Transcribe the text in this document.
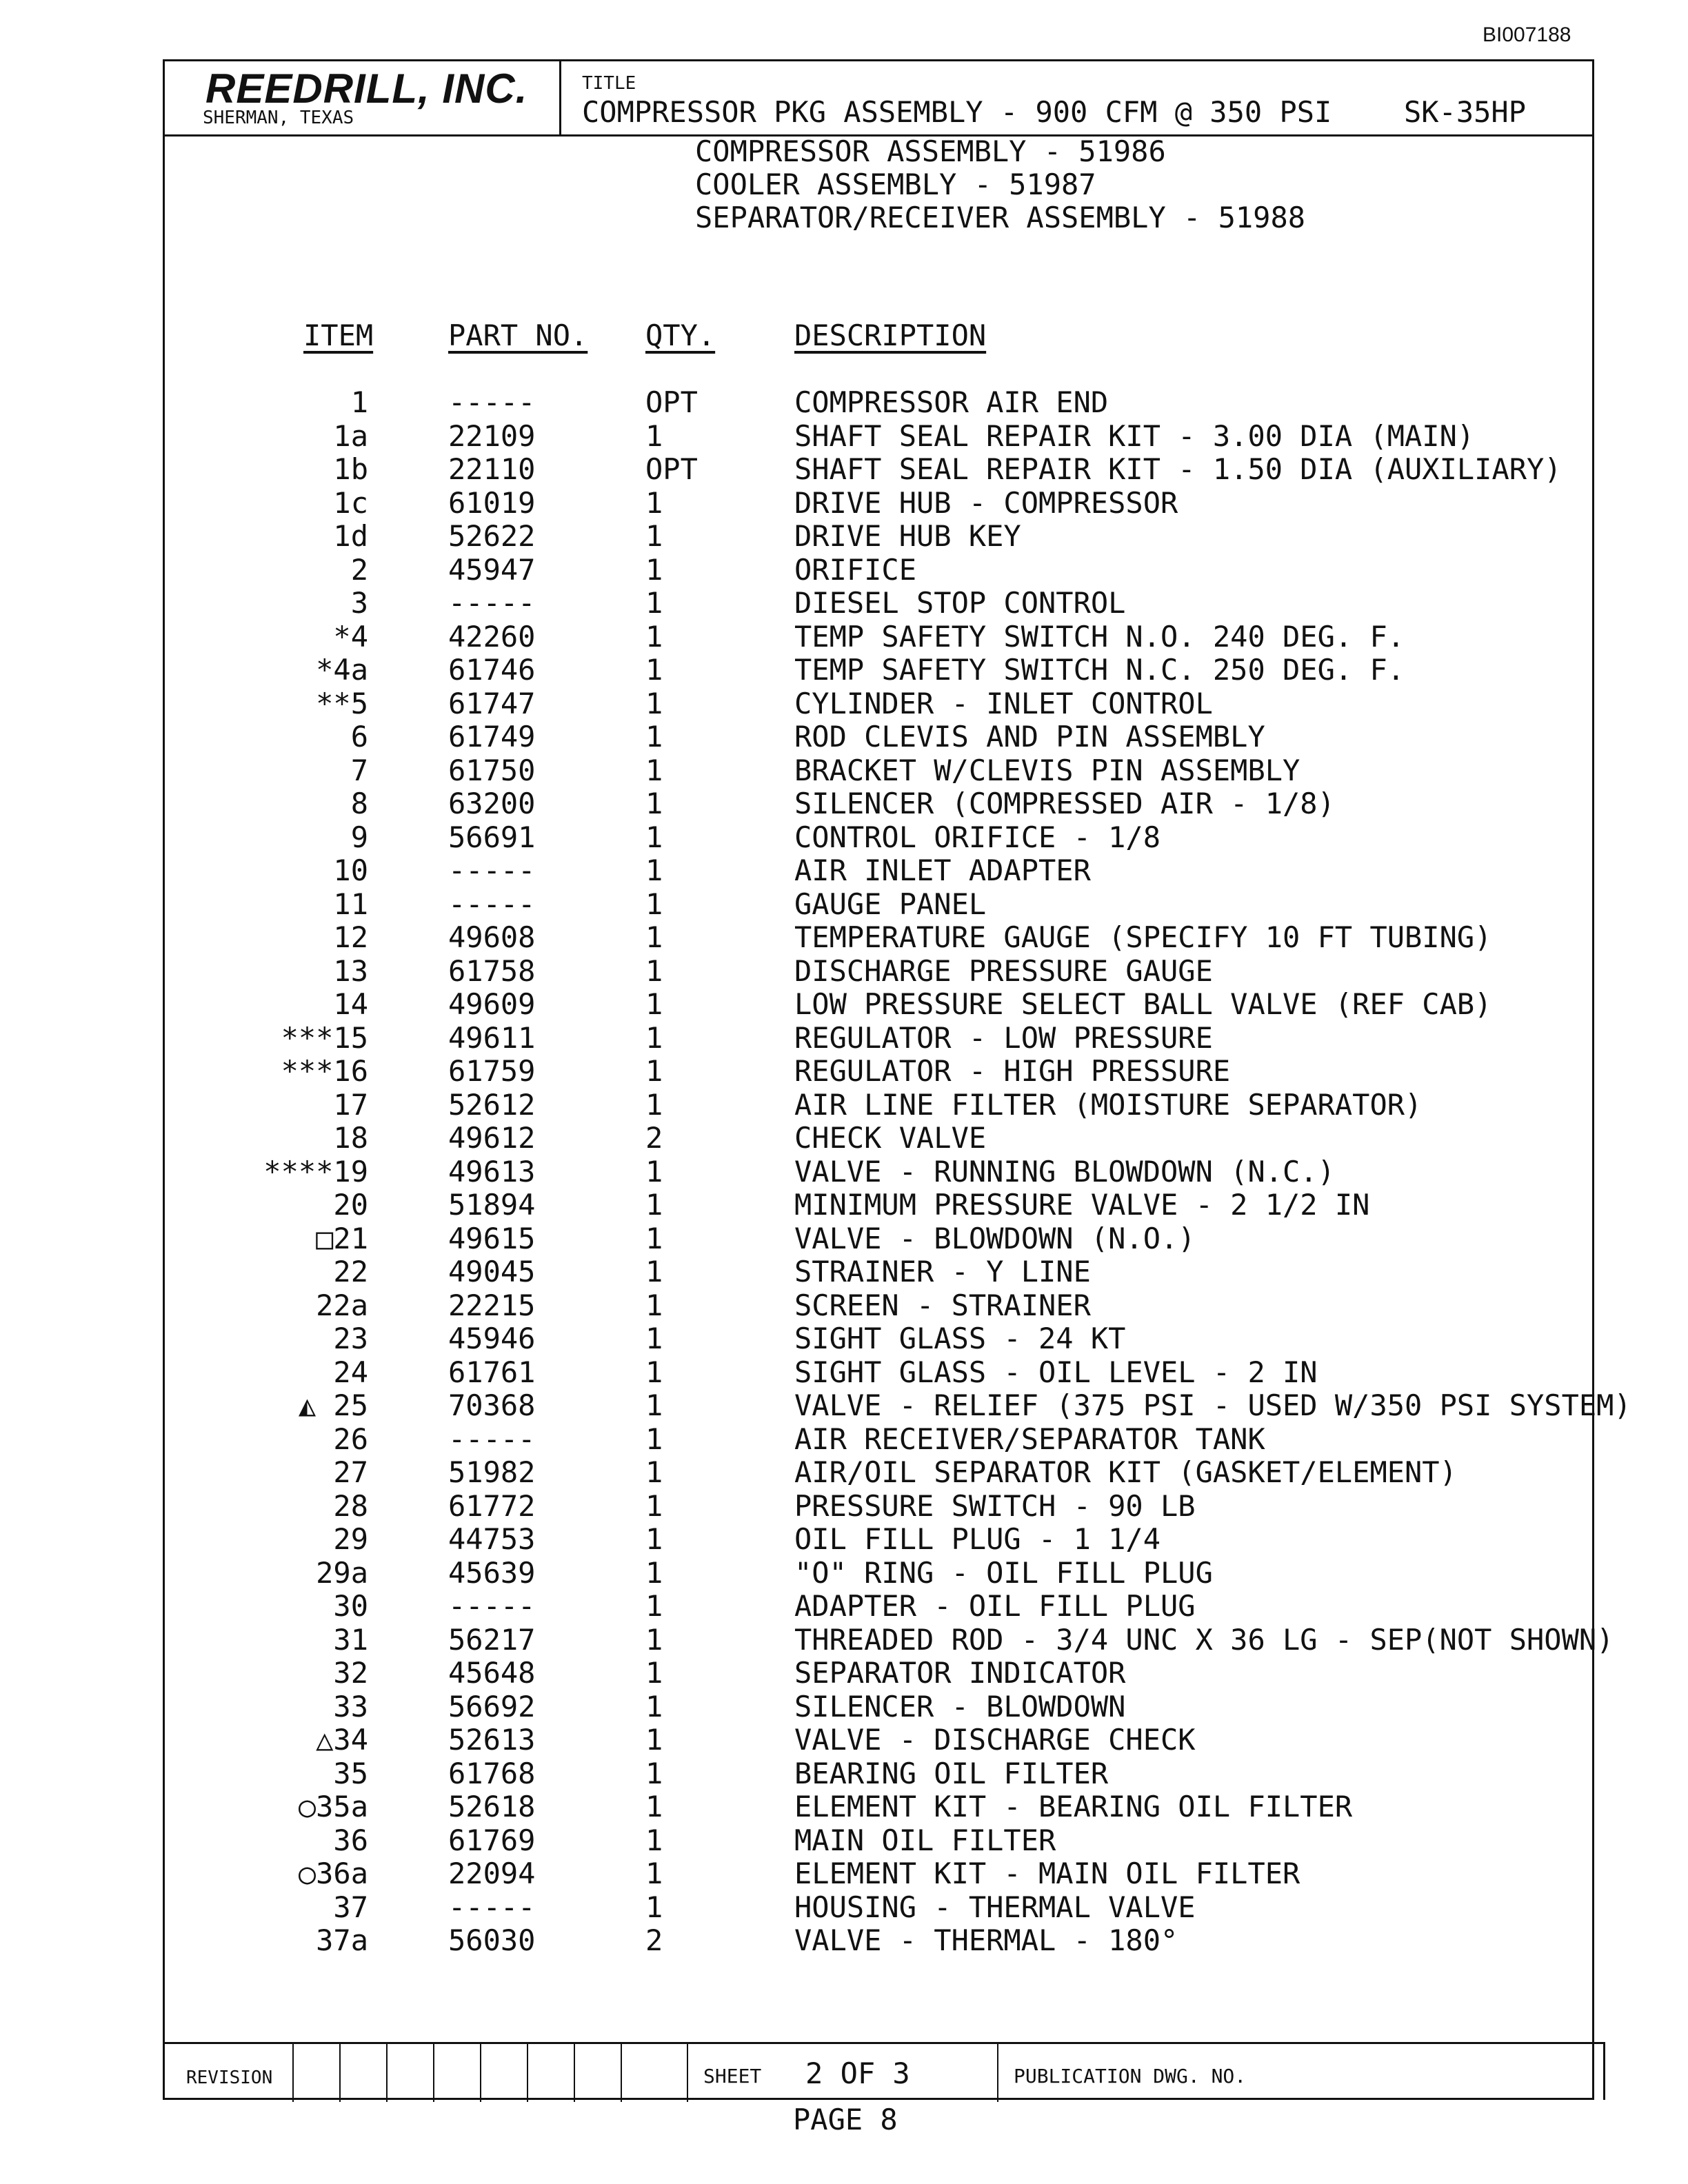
BI007188
REEDRILL, INC.
SHERMAN, TEXAS
TITLE
COMPRESSOR PKG ASSEMBLY - 900 CFM @ 350 PSI SK-35HP
COMPRESSOR ASSEMBLY - 51986
COOLER ASSEMBLY - 51987
SEPARATOR/RECEIVER ASSEMBLY - 51988
ITEM	PART NO. QTY.	DESCRIPTION
1	-----	OPT	COMPRESSOR AIR END
1a	22109	1	SHAFT SEAL REPAIR KIT - 3.00 DIA (MAIN)
1b	22110	OPT	SHAFT SEAL REPAIR KIT - 1.50 DIA (AUXILIARY)
1c	61019	1	DRIVE HUB - COMPRESSOR
1d	52622	1	DRIVE HUB KEY
2	45947	1	ORIFICE
3	-----	1	DIESEL STOP CONTROL
*4	42260	1	TEMP SAFETY SWITCH N.O. 240 DEG. F.
*4a	61746	1	TEMP SAFETY SWITCH N.C. 250 DEG. F.
**5	61747	1	CYLINDER - INLET CONTROL
6	61749	1	ROD CLEVIS AND PIN ASSEMBLY
7	61750	1	BRACKET W/CLEVIS PIN ASSEMBLY
8	63200	1	SILENCER (COMPRESSED AIR - 1/8)
9	56691	1	CONTROL ORIFICE - 1/8
10	-----	1	AIR INLET ADAPTER
11	-----	1	GAUGE PANEL
12	49608	1	TEMPERATURE GAUGE (SPECIFY 10 FT TUBING)
13	61758	1	DISCHARGE PRESSURE GAUGE
14	49609	1	LOW PRESSURE SELECT BALL VALVE (REF CAB)
***15	49611	1	REGULATOR - LOW PRESSURE
***16	61759	1	REGULATOR - HIGH PRESSURE
17	52612	1	AIR LINE FILTER (MOISTURE SEPARATOR)
18	49612	2	CHECK VALVE
****19	49613	1	VALVE - RUNNING BLOWDOWN (N.C.)
20	51894	1	MINIMUM PRESSURE VALVE - 2 1/2 IN
□21	49615	1	VALVE - BLOWDOWN (N.O.)
22	49045	1	STRAINER - Y LINE
22a	22215	1	SCREEN - STRAINER
23	45946	1	SIGHT GLASS - 24 KT
24	61761	1	SIGHT GLASS - OIL LEVEL - 2 IN
◭ 25	70368	1	VALVE - RELIEF (375 PSI - USED W/350 PSI SYSTEM)
26	-----	1	AIR RECEIVER/SEPARATOR TANK
27	51982	1	AIR/OIL SEPARATOR KIT (GASKET/ELEMENT)
28	61772	1	PRESSURE SWITCH - 90 LB
29	44753	1	OIL FILL PLUG - 1 1/4
29a	45639	1	"O" RING - OIL FILL PLUG
30	-----	1	ADAPTER - OIL FILL PLUG
31	56217	1	THREADED ROD - 3/4 UNC X 36 LG - SEP(NOT SHOWN)
32	45648	1	SEPARATOR INDICATOR
33	56692	1	SILENCER - BLOWDOWN
△34	52613	1	VALVE - DISCHARGE CHECK
35	61768	1	BEARING OIL FILTER
○35a	52618	1	ELEMENT KIT - BEARING OIL FILTER
36	61769	1	MAIN OIL FILTER
○36a	22094	1	ELEMENT KIT - MAIN OIL FILTER
37	-----	1	HOUSING - THERMAL VALVE
37a	56030	2	VALVE - THERMAL - 180°
REVISION	SHEET 2 OF 3	PUBLICATION DWG. NO.
PAGE 8
